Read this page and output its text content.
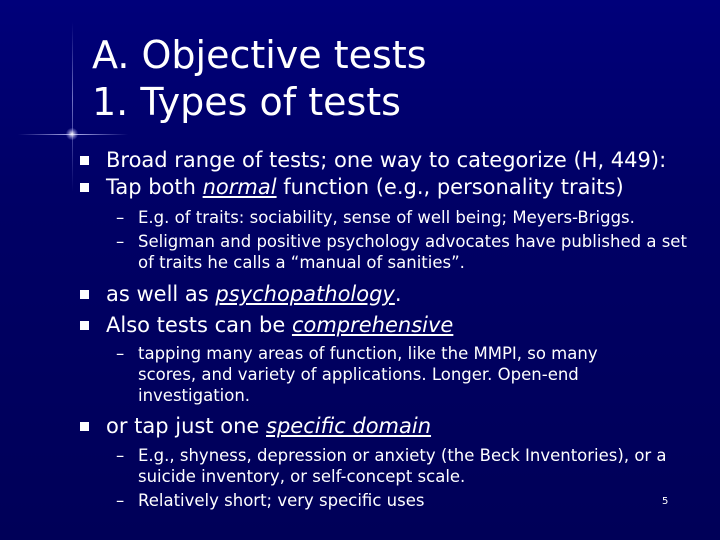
A. Objective tests
1. Types of tests
Broad range of tests; one way to categorize (H, 449):
Tap both normal function (e.g., personality traits)
– E.g. of traits: sociability, sense of well being; Meyers-Briggs.
– Seligman and positive psychology advocates have published a set of traits he calls a “manual of sanities”.
as well as psychopathology.
Also tests can be comprehensive
– tapping many areas of function, like the MMPI, so many scores, and variety of applications. Longer. Open-end investigation.
or tap just one specific domain
– E.g., shyness, depression or anxiety (the Beck Inventories), or a suicide inventory, or self-concept scale.
– Relatively short; very specific uses	5
